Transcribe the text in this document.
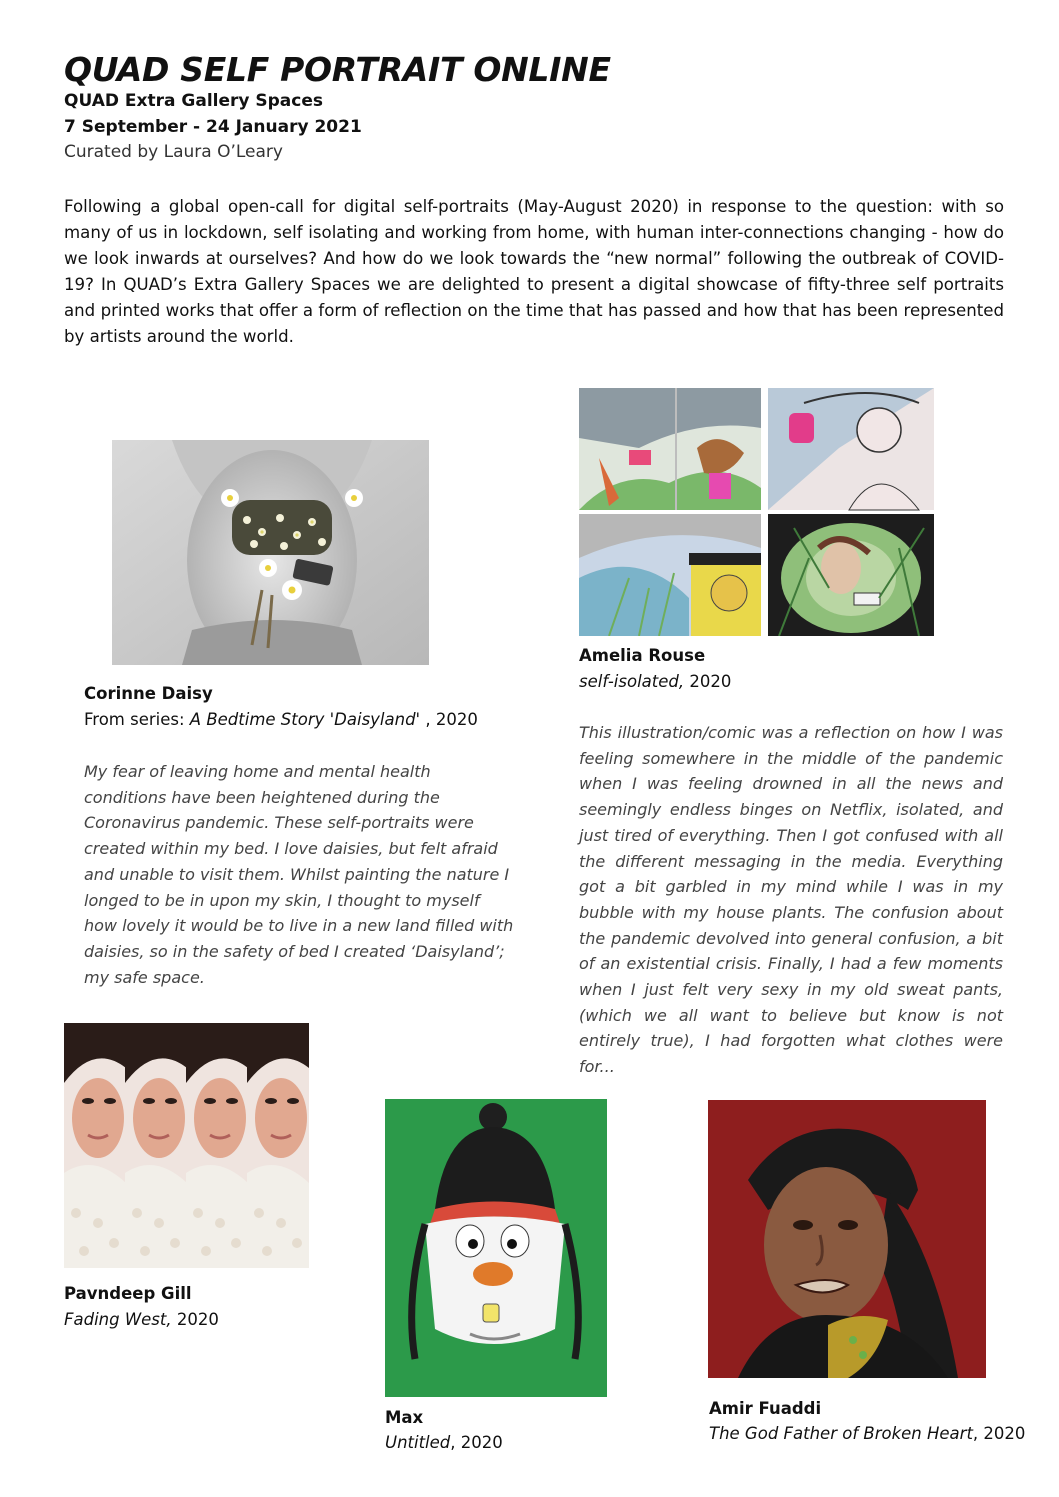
QUAD SELF PORTRAIT ONLINE
QUAD Extra Gallery Spaces
7 September - 24 January 2021
Curated by Laura O’Leary

Following a global open-call for digital self-portraits (May-August 2020) in response to the question: with so many of us in lockdown, self isolating and working from home, with human inter-connections changing - how do we look inwards at ourselves? And how do we look towards the “new normal” following the outbreak of COVID-19? In QUAD’s Extra Gallery Spaces we are delighted to present a digital showcase of fifty-three self portraits and printed works that offer a form of reflection on the time that has passed and how that has been represented by artists around the world.

Corinne Daisy
From series: A Bedtime Story 'Daisyland' , 2020

My fear of leaving home and mental health conditions have been heightened during the Coronavirus pandemic. These self-portraits were created within my bed. I love daisies, but felt afraid and unable to visit them. Whilst painting the nature I longed to be in upon my skin, I thought to myself how lovely it would be to live in a new land filled with daisies, so in the safety of bed I created ‘Daisyland’; my safe space.

Amelia Rouse
self-isolated, 2020

This illustration/comic was a reflection on how I was feeling somewhere in the middle of the pandemic when I was feeling drowned in all the news and seemingly endless binges on Netflix, isolated, and just tired of everything. Then I got confused with all the different messaging in the media. Everything got a bit garbled in my mind while I was in my bubble with my house plants. The confusion about the pandemic devolved into general confusion, a bit of an existential crisis. Finally, I had a few moments when I just felt very sexy in my old sweat pants, (which we all want to believe but know is not entirely true), I had forgotten what clothes were for...

Pavndeep Gill
Fading West, 2020
Max
Untitled, 2020
Amir Fuaddi
The God Father of Broken Heart, 2020
